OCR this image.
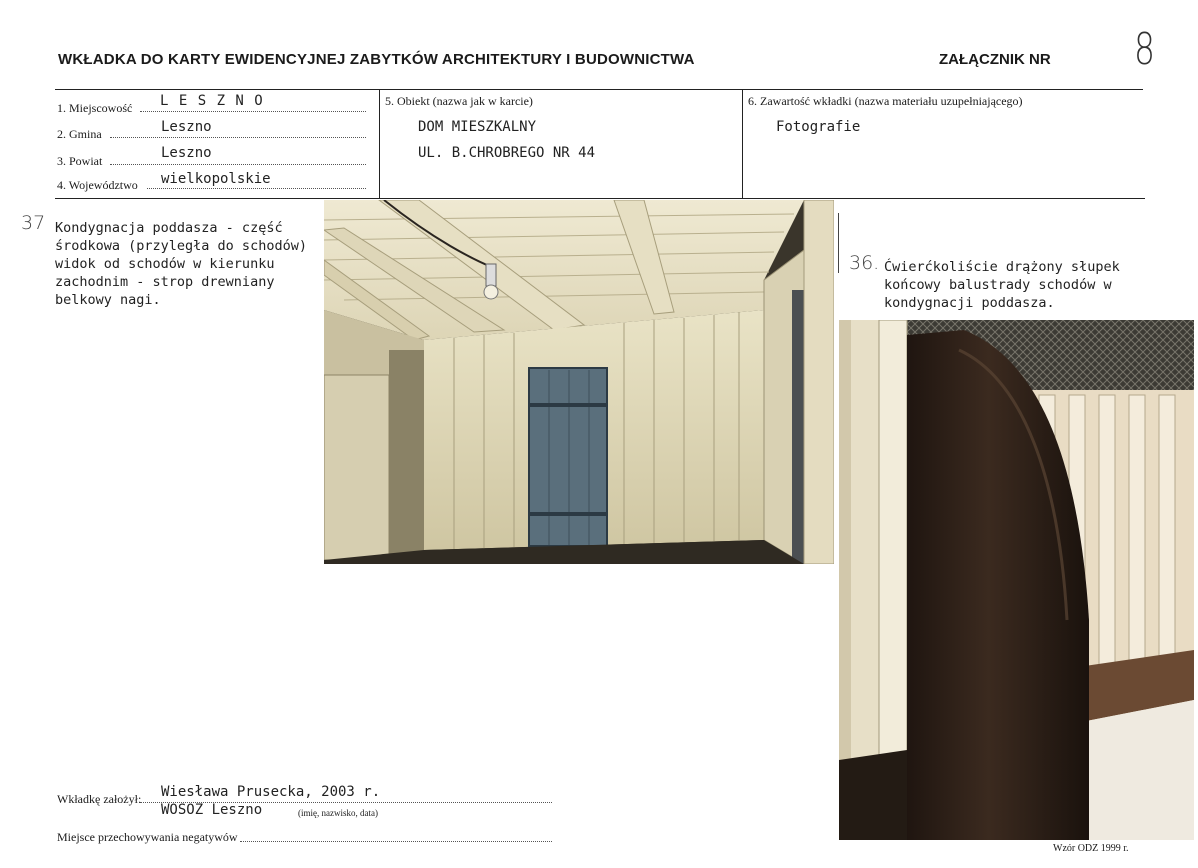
WKŁADKA DO KARTY EWIDENCYJNEJ ZABYTKÓW ARCHITEKTURY I BUDOWNICTWA	ZAŁĄCZNIK NR 8
1. Miejscowość L E S Z N O
2. Gmina	Leszno
3. Powiat	Leszno
4. Województwo wielkopolskie
5. Obiekt (nazwa jak w karcie)
DOM MIESZKALNY
UL. B.CHROBREGO NR 44
6. Zawartość wkładki (nazwa materiału uzupełniającego)
Fotografie
37 Kondygnacja poddasza - część
środkowa (przyległa do schodów)
widok od schodów w kierunku
zachodnim - strop drewniany
belkowy nagi.
36. Ćwierćkoliście drążony słupek
końcowy balustrady schodów w
kondygnacji poddasza.
Wkładkę założył: Wiesława Prusecka, 2003 r.
WOSOZ Leszno	(imię, nazwisko, data)
Miejsce przechowywania negatywów
Wzór ODZ 1999 r.
